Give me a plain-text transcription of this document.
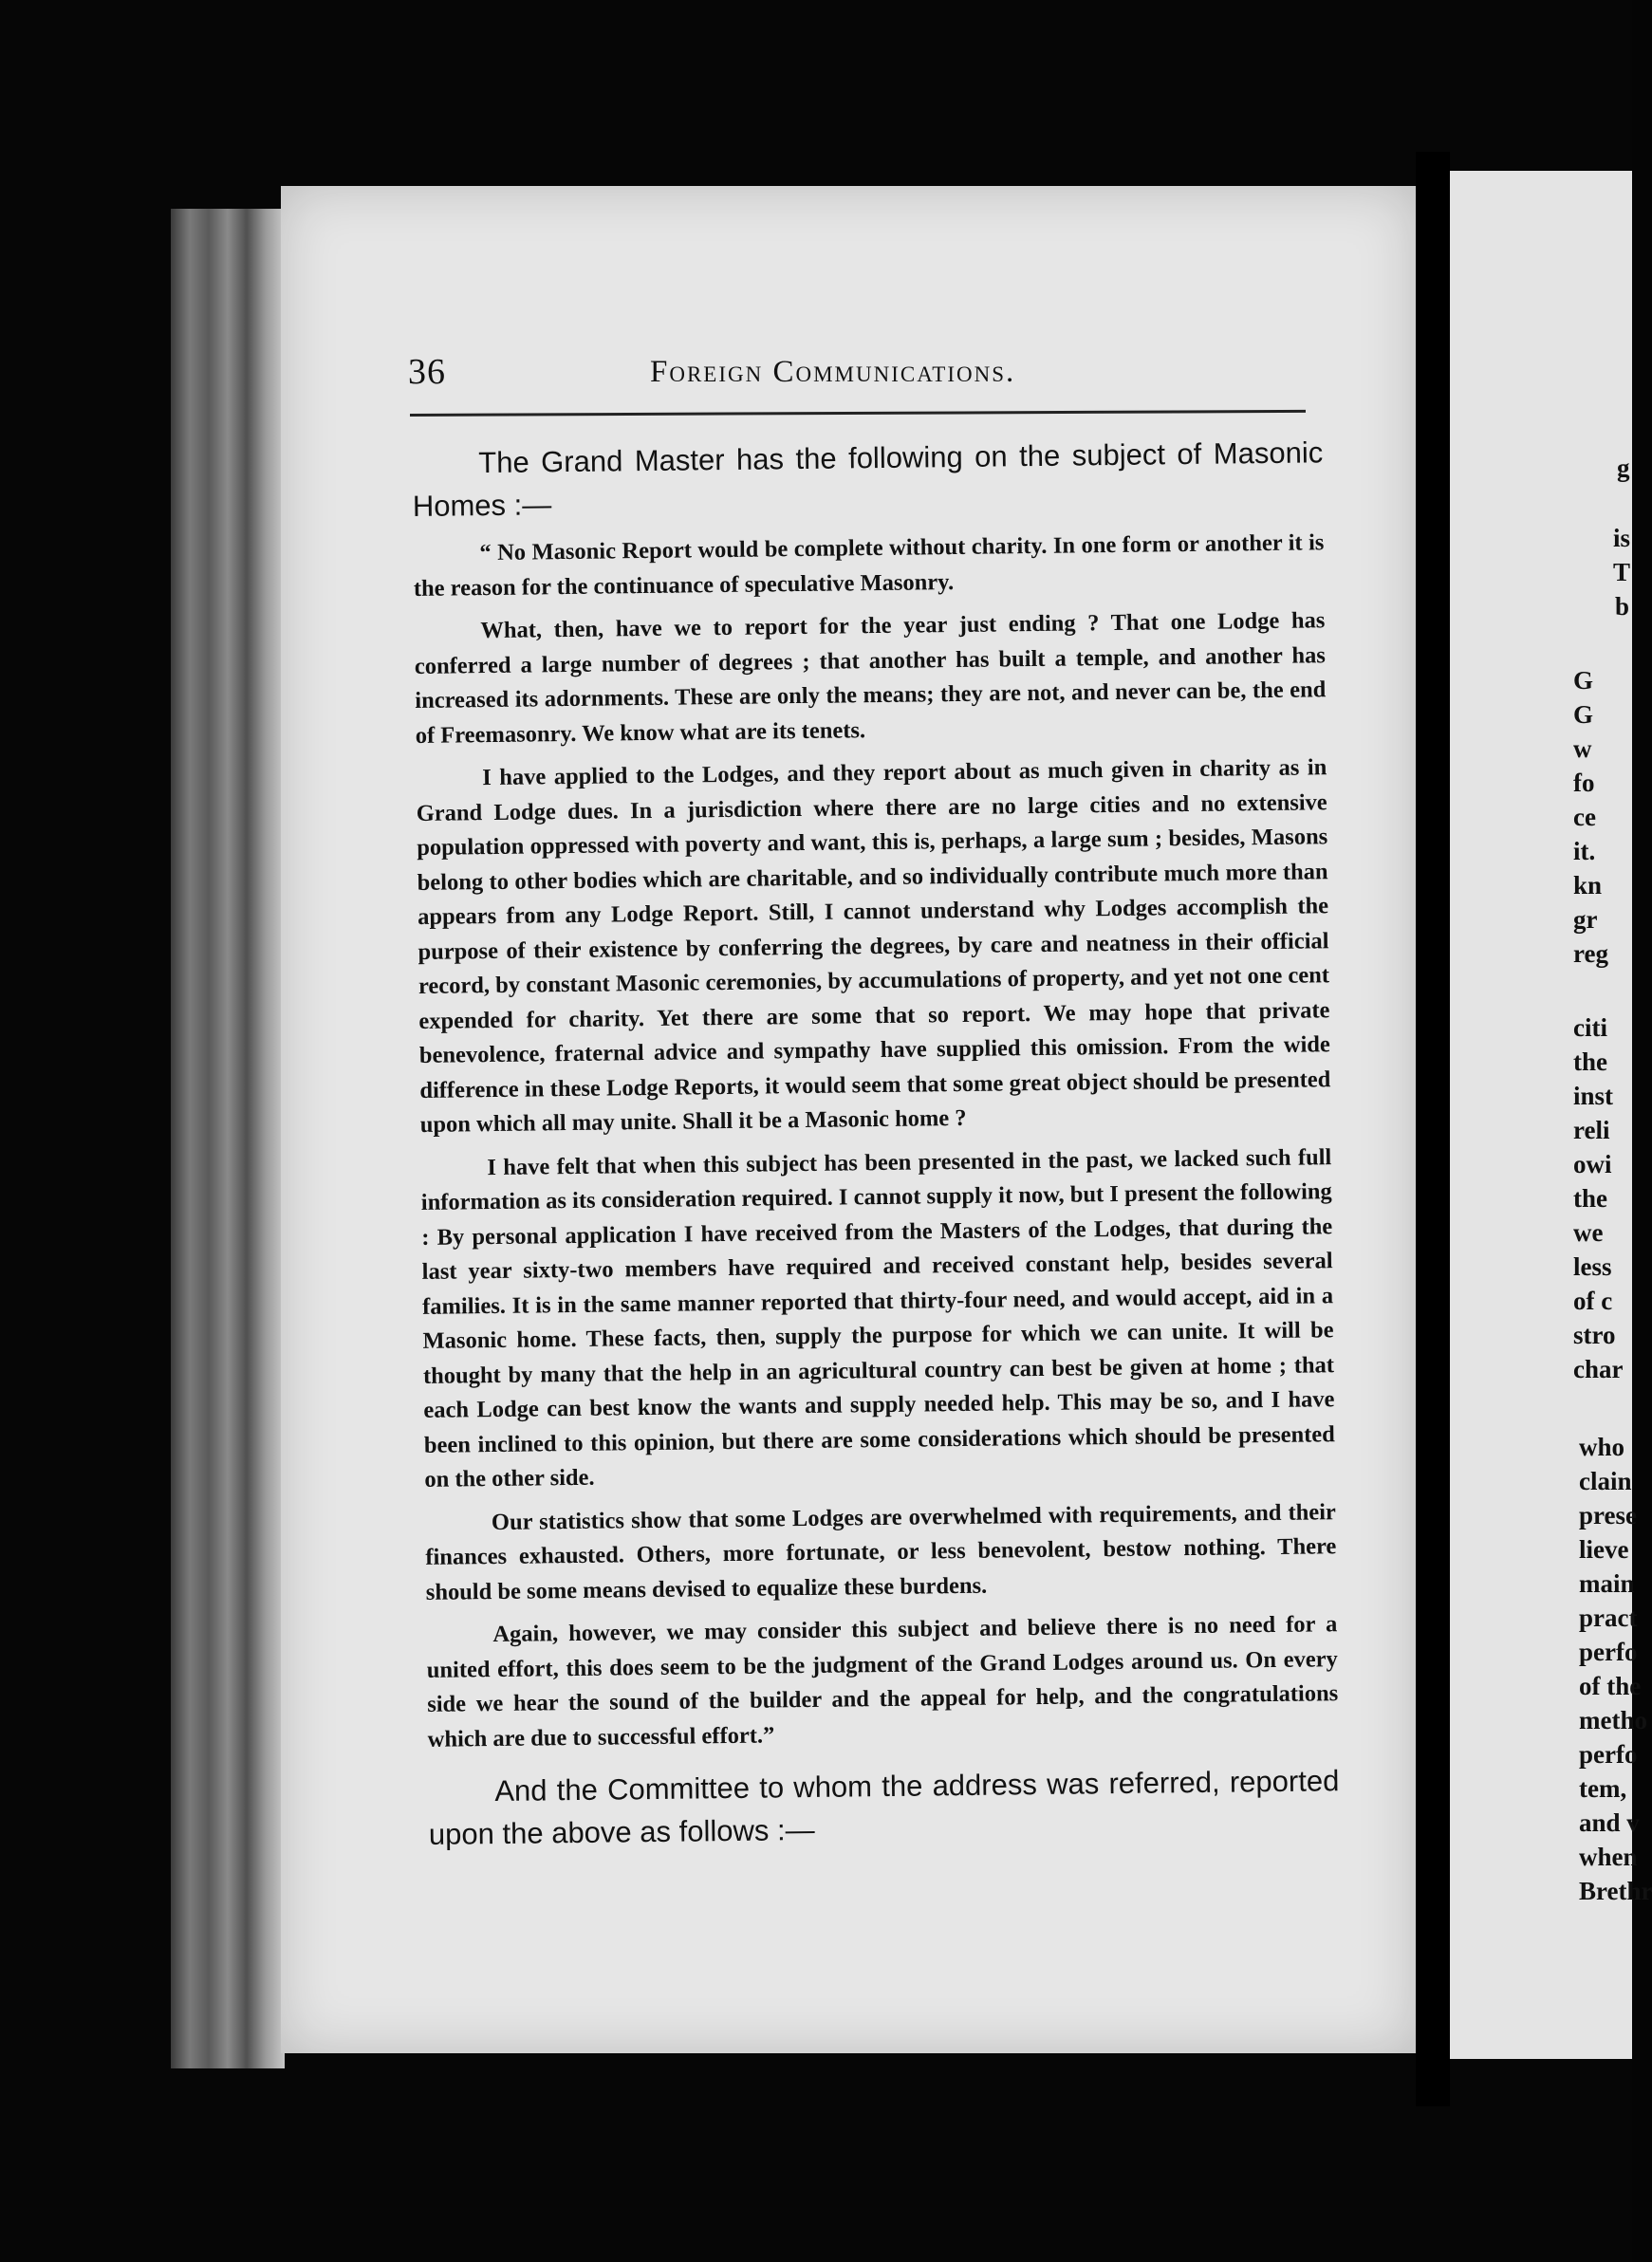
36	Foreign Communications.

The Grand Master has the following on the subject of Masonic Homes :—

“ No Masonic Report would be complete without charity. In one form or another it is the reason for the continuance of speculative Masonry.

What, then, have we to report for the year just ending ? That one Lodge has conferred a large number of degrees ; that another has built a temple, and another has increased its adornments. These are only the means; they are not, and never can be, the end of Freemasonry. We know what are its tenets.

I have applied to the Lodges, and they report about as much given in charity as in Grand Lodge dues. In a jurisdiction where there are no large cities and no extensive population oppressed with poverty and want, this is, perhaps, a large sum ; besides, Masons belong to other bodies which are charitable, and so individually contribute much more than appears from any Lodge Report. Still, I cannot understand why Lodges accomplish the purpose of their existence by conferring the degrees, by care and neatness in their official record, by constant Masonic ceremonies, by accumulations of property, and yet not one cent expended for charity. Yet there are some that so report. We may hope that private benevolence, fraternal advice and sympathy have supplied this omission. From the wide difference in these Lodge Reports, it would seem that some great object should be presented upon which all may unite. Shall it be a Masonic home ?

I have felt that when this subject has been presented in the past, we lacked such full information as its consideration required. I cannot supply it now, but I present the following : By personal application I have received from the Masters of the Lodges, that during the last year sixty-two members have required and received constant help, besides several families. It is in the same manner reported that thirty-four need, and would accept, aid in a Masonic home. These facts, then, supply the purpose for which we can unite. It will be thought by many that the help in an agricultural country can best be given at home ; that each Lodge can best know the wants and supply needed help. This may be so, and I have been inclined to this opinion, but there are some considerations which should be presented on the other side.

Our statistics show that some Lodges are overwhelmed with requirements, and their finances exhausted. Others, more fortunate, or less benevolent, bestow nothing. There should be some means devised to equalize these burdens.

Again, however, we may consider this subject and believe there is no need for a united effort, this does seem to be the judgment of the Grand Lodges around us. On every side we hear the sound of the builder and the appeal for help, and the congratulations which are due to successful effort.”

And the Committee to whom the address was referred, reported upon the above as follows :—

g
is
T
b
G
G
w
fo
ce
it.
kn
gr
reg
citi
the
inst
reli
owi
the
we
less
of c
stro
char
who
clain
prese
lieve
main
pract
perfo
of the
metho
perfo
tem,
and v
when
Brethr
